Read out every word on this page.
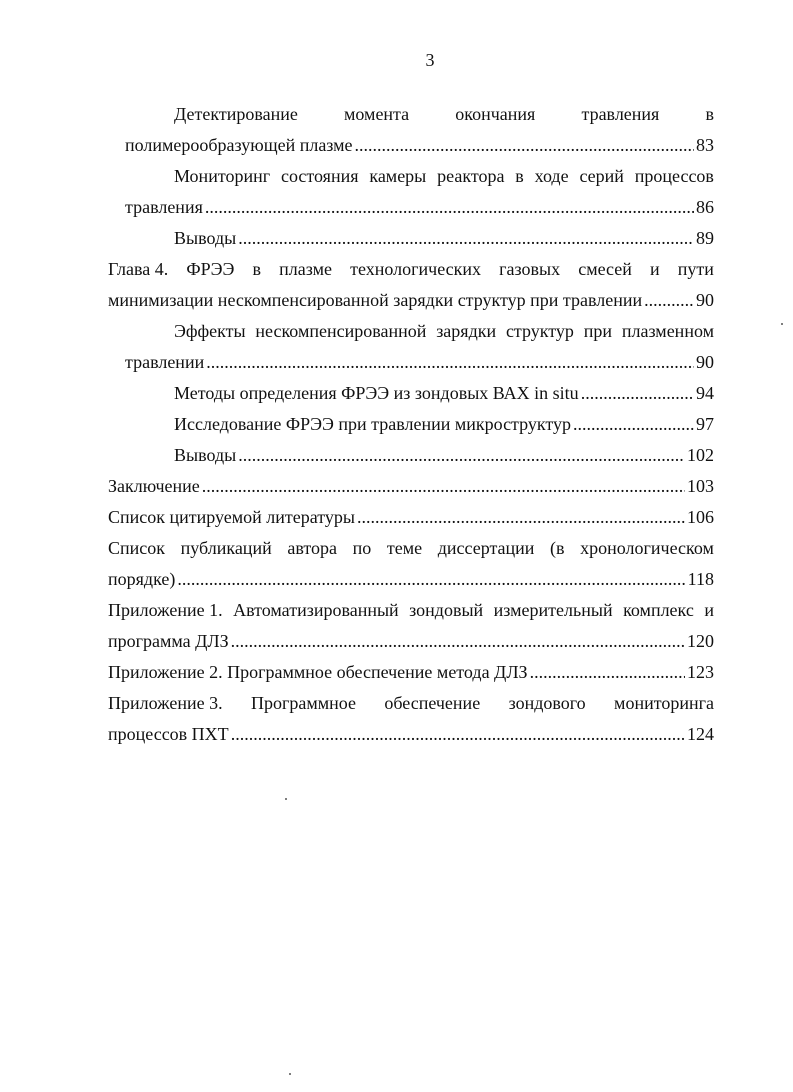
3
Детектирование	момента	окончания	травления	в
полимерообразующей плазме .....	83
Мониторинг состояния камеры реактора в ходе серий процессов
травления .....	86
Выводы .....	89
Глава 4. ФРЭЭ в плазме технологических газовых смесей и пути
минимизации нескомпенсированной зарядки структур при травлении .....	90
Эффекты нескомпенсированной зарядки структур при плазменном
травлении .....	90
Методы определения ФРЭЭ из зондовых ВАХ in situ .....	94
Исследование ФРЭЭ при травлении микроструктур .....	97
Выводы .....	102
Заключение .....	103
Список цитируемой литературы .....	106
Список публикаций автора по теме диссертации (в хронологическом
порядке) .....	118
Приложение 1. Автоматизированный зондовый измерительный комплекс и
программа ДЛЗ .....	120
Приложение 2. Программное обеспечение метода ДЛЗ .....	123
Приложение 3. Программное обеспечение зондового мониторинга
процессов ПХТ .....	124
